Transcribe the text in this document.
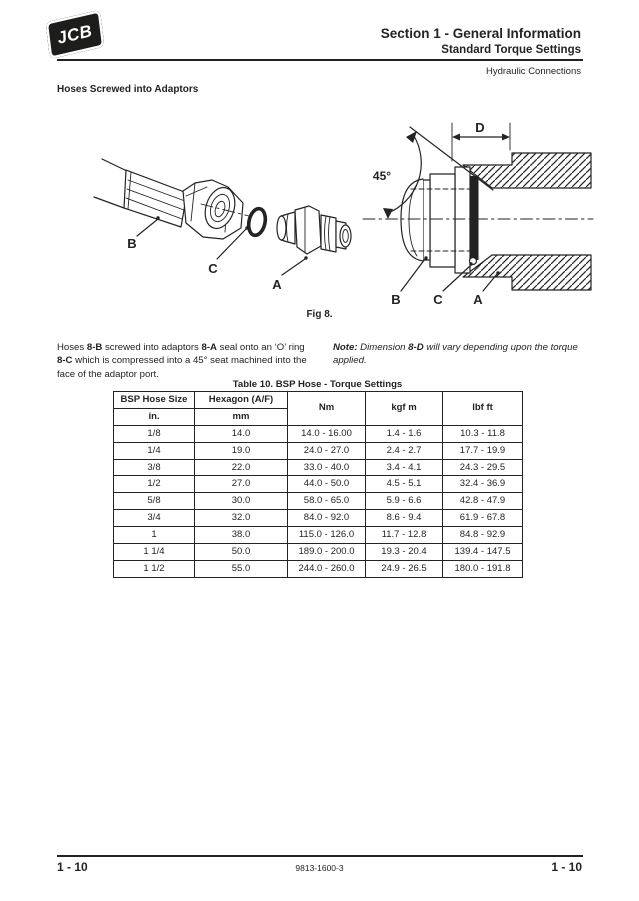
JCB	Section 1 - General Information
Standard Torque Settings
Hydraulic Connections
Hoses Screwed into Adaptors
B
C
A
45°
D
B	C A
Fig 8.

Hoses 8-B screwed into adaptors 8-A seal onto an ‘O’ ring 8-C which is compressed into a 45° seat machined into the face of the adaptor port.

Note: Dimension 8-D will vary depending upon the torque applied.

Table 10. BSP Hose - Torque Settings
BSP Hose Size	Hexagon (A/F)	Nm	kgf m	lbf ft
in.	mm			
1/8	14.0	14.0 - 16.00	1.4 - 1.6	10.3 - 11.8
1/4	19.0	24.0 - 27.0	2.4 - 2.7	17.7 - 19.9
3/8	22.0	33.0 - 40.0	3.4 - 4.1	24.3 - 29.5
1/2	27.0	44.0 - 50.0	4.5 - 5.1	32.4 - 36.9
5/8	30.0	58.0 - 65.0	5.9 - 6.6	42.8 - 47.9
3/4	32.0	84.0 - 92.0	8.6 - 9.4	61.9 - 67.8
1	38.0	115.0 - 126.0	11.7 - 12.8	84.8 - 92.9
1 1/4	50.0	189.0 - 200.0	19.3 - 20.4	139.4 - 147.5
1 1/2	55.0	244.0 - 260.0	24.9 - 26.5	180.0 - 191.8
1 - 10	9813-1600-3	1 - 10
